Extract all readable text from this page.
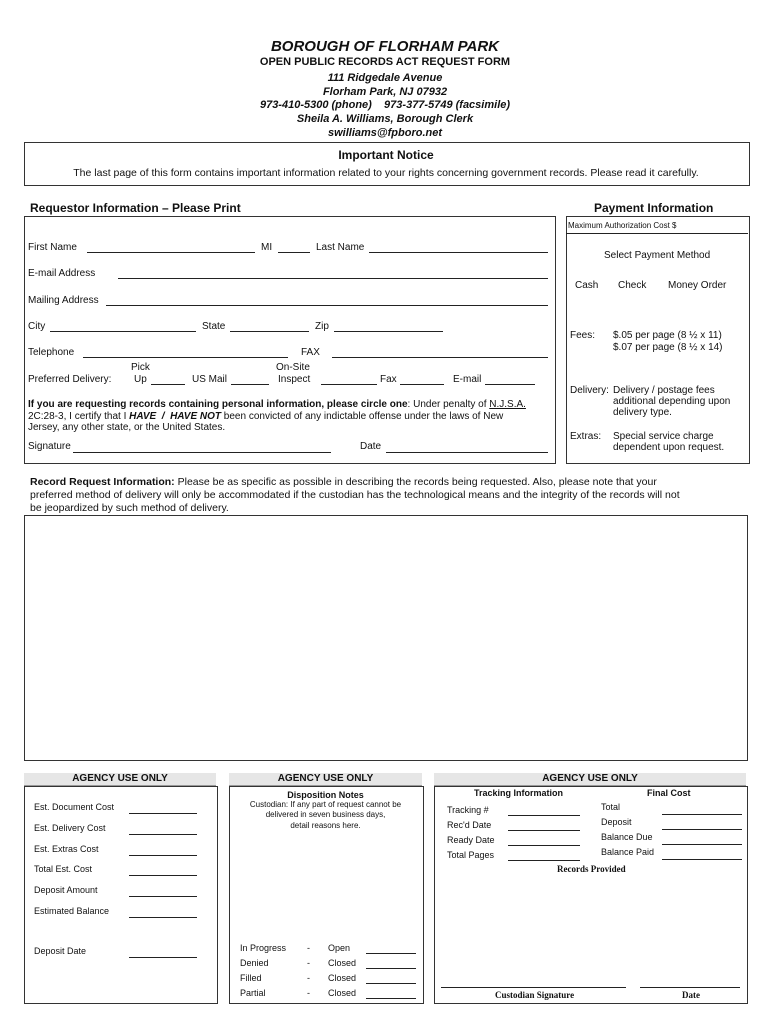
BOROUGH OF FLORHAM PARK
OPEN PUBLIC RECORDS ACT REQUEST FORM
111 Ridgedale Avenue
Florham Park, NJ 07932
973-410-5300 (phone)    973-377-5749 (facsimile)
Sheila A. Williams, Borough Clerk
swilliams@fpboro.net
Important Notice
The last page of this form contains important information related to your rights concerning government records. Please read it carefully.
Requestor Information – Please Print
First Name	MI	Last Name
E-mail Address
Mailing Address
City	State	Zip
Telephone	FAX
Pick	On-Site
Preferred Delivery: Up	US Mail	Inspect	Fax	E-mail
If you are requesting records containing personal information, please circle one: Under penalty of N.J.S.A.
2C:28-3, I certify that I HAVE  /  HAVE NOT been convicted of any indictable offense under the laws of New
Jersey, any other state, or the United States.
Signature	Date
Payment Information
Maximum Authorization Cost $
Select Payment Method
Cash Check Money Order
Fees: $.05 per page (8 ½ x 11)
$.07 per page (8 ½ x 14)
Delivery: Delivery / postage fees
additional depending upon
delivery type.
Extras: Special service charge
dependent upon request.
Record Request Information: Please be as specific as possible in describing the records being requested. Also, please note that your
preferred method of delivery will only be accommodated if the custodian has the technological means and the integrity of the records will not
be jeopardized by such method of delivery.
AGENCY USE ONLY
Est. Document Cost
Est. Delivery Cost
Est. Extras Cost
Total Est. Cost
Deposit Amount
Estimated Balance
Deposit Date
AGENCY USE ONLY
Disposition Notes
Custodian: If any part of request cannot be
delivered in seven business days,
detail reasons here.
In Progress - Open
Denied	- Closed
Filled	- Closed
Partial	- Closed
AGENCY USE ONLY
Tracking Information	Final Cost
Tracking #
Rec'd Date
Ready Date
Total Pages
Total
Deposit
Balance Due
Balance Paid
Records Provided
Custodian Signature	Date
